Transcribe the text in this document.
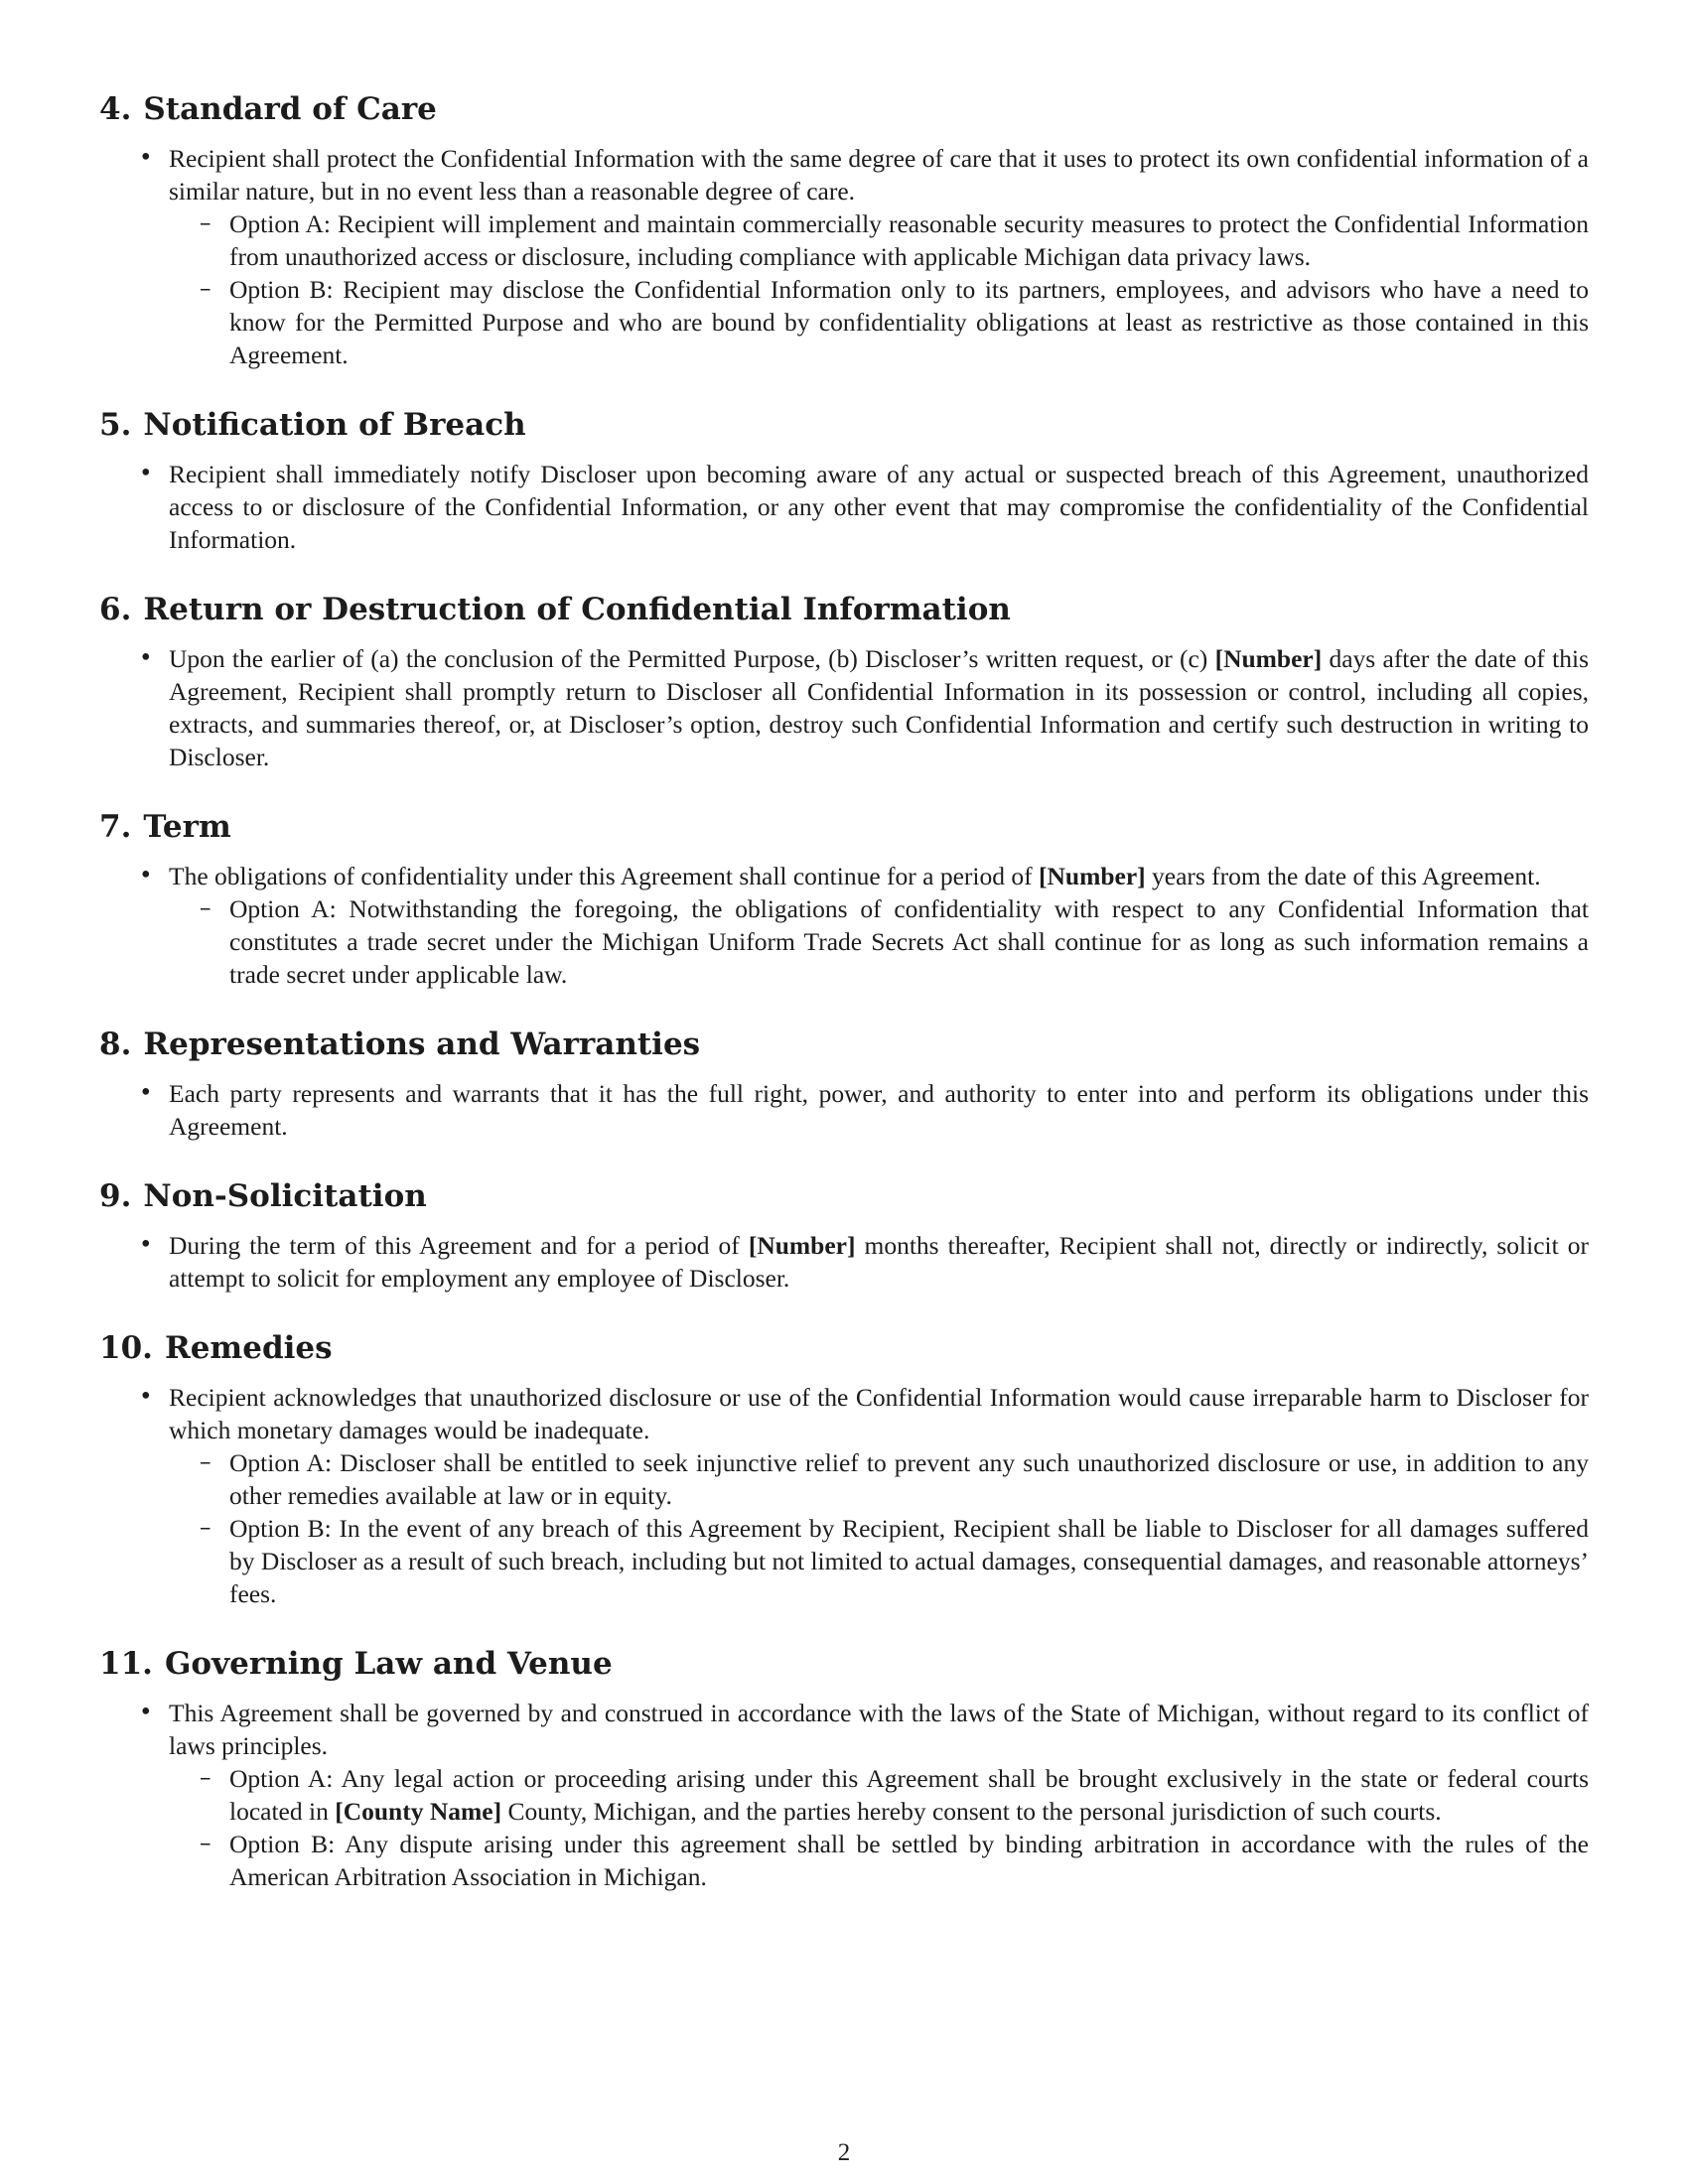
4. Standard of Care

• Recipient shall protect the Confidential Information with the same degree of care that it uses to protect its own confidential information of a similar nature, but in no event less than a reasonable degree of care.

– Option A: Recipient will implement and maintain commercially reasonable security measures to protect the Confidential Information from unauthorized access or disclosure, including compliance with applicable Michigan data privacy laws.

– Option B: Recipient may disclose the Confidential Information only to its partners, employees, and advisors who have a need to know for the Permitted Purpose and who are bound by confidentiality obligations at least as restrictive as those contained in this Agreement.

5. Notification of Breach

• Recipient shall immediately notify Discloser upon becoming aware of any actual or suspected breach of this Agreement, unauthorized access to or disclosure of the Confidential Information, or any other event that may compromise the confidentiality of the Confidential Information.

6. Return or Destruction of Confidential Information

• Upon the earlier of (a) the conclusion of the Permitted Purpose, (b) Discloser’s written request, or (c) [Number] days after the date of this Agreement, Recipient shall promptly return to Discloser all Confidential Information in its possession or control, including all copies, extracts, and summaries thereof, or, at Discloser’s option, destroy such Confidential Information and certify such destruction in writing to Discloser.

7. Term

• The obligations of confidentiality under this Agreement shall continue for a period of [Number] years from the date of this Agreement.

– Option A: Notwithstanding the foregoing, the obligations of confidentiality with respect to any Confidential Information that constitutes a trade secret under the Michigan Uniform Trade Secrets Act shall continue for as long as such information remains a trade secret under applicable law.

8. Representations and Warranties

• Each party represents and warrants that it has the full right, power, and authority to enter into and perform its obligations under this Agreement.

9. Non-Solicitation

• During the term of this Agreement and for a period of [Number] months thereafter, Recipient shall not, directly or indirectly, solicit or attempt to solicit for employment any employee of Discloser.

10. Remedies

• Recipient acknowledges that unauthorized disclosure or use of the Confidential Information would cause irreparable harm to Discloser for which monetary damages would be inadequate.

– Option A: Discloser shall be entitled to seek injunctive relief to prevent any such unauthorized disclosure or use, in addition to any other remedies available at law or in equity.

– Option B: In the event of any breach of this Agreement by Recipient, Recipient shall be liable to Discloser for all damages suffered by Discloser as a result of such breach, including but not limited to actual damages, consequential damages, and reasonable attorneys’ fees.

11. Governing Law and Venue

• This Agreement shall be governed by and construed in accordance with the laws of the State of Michigan, without regard to its conflict of laws principles.

– Option A: Any legal action or proceeding arising under this Agreement shall be brought exclusively in the state or federal courts located in [County Name] County, Michigan, and the parties hereby consent to the personal jurisdiction of such courts.

– Option B: Any dispute arising under this agreement shall be settled by binding arbitration in accordance with the rules of the American Arbitration Association in Michigan.

2
